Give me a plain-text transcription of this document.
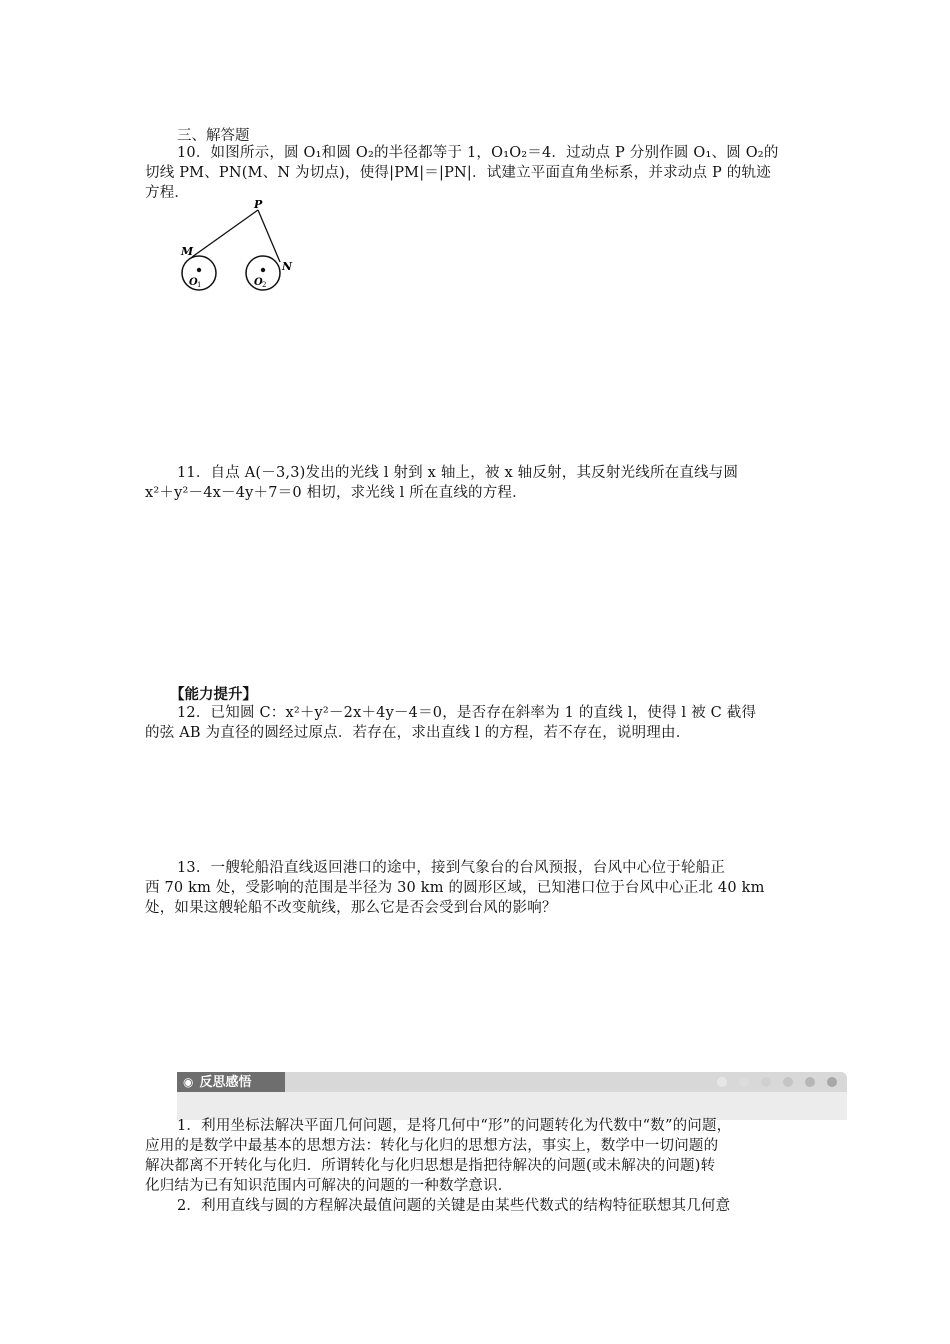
三、解答题
10．如图所示，圆 O₁和圆 O₂的半径都等于 1，O₁O₂＝4．过动点 P 分别作圆 O₁、圆 O₂的
切线 PM、PN(M、N 为切点)，使得|PM|＝|PN|．试建立平面直角坐标系，并求动点 P 的轨迹
方程．
P
M
N
O 1	O 2
11．自点 A(－3,3)发出的光线 l 射到 x 轴上，被 x 轴反射，其反射光线所在直线与圆
x²＋y²－4x－4y＋7＝0 相切，求光线 l 所在直线的方程．
【能力提升】
12．已知圆 C：x²＋y²－2x＋4y－4＝0，是否存在斜率为 1 的直线 l，使得 l 被 C 截得
的弦 AB 为直径的圆经过原点．若存在，求出直线 l 的方程，若不存在，说明理由．
13．一艘轮船沿直线返回港口的途中，接到气象台的台风预报，台风中心位于轮船正
西 70 km 处，受影响的范围是半径为 30 km 的圆形区域，已知港口位于台风中心正北 40 km
处，如果这艘轮船不改变航线，那么它是否会受到台风的影响？
◉ 反思感悟
1．利用坐标法解决平面几何问题，是将几何中“形”的问题转化为代数中“数”的问题，
应用的是数学中最基本的思想方法：转化与化归的思想方法，事实上，数学中一切问题的
解决都离不开转化与化归．所谓转化与化归思想是指把待解决的问题(或未解决的问题)转
化归结为已有知识范围内可解决的问题的一种数学意识．
2．利用直线与圆的方程解决最值问题的关键是由某些代数式的结构特征联想其几何意
